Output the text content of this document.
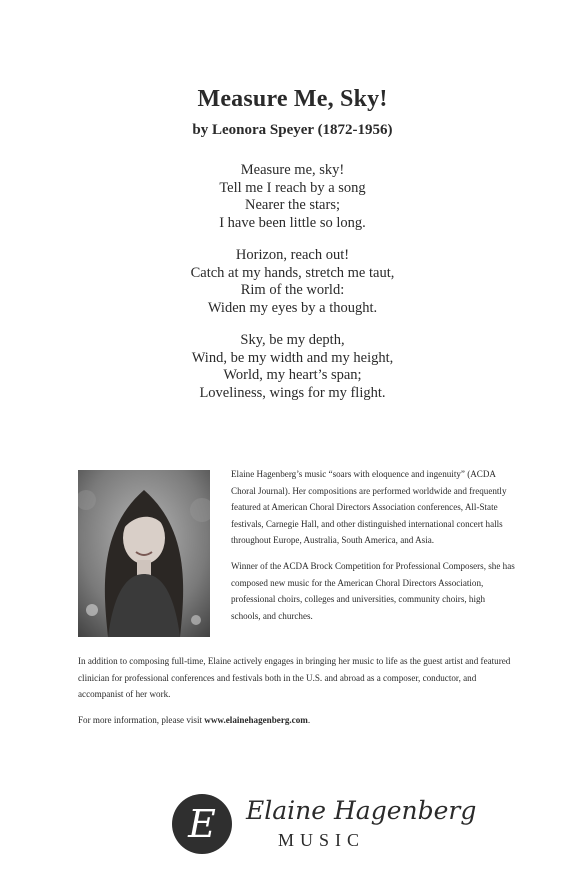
Measure Me, Sky!
by Leonora Speyer (1872-1956)
Measure me, sky!
Tell me I reach by a song
Nearer the stars;
I have been little so long.
Horizon, reach out!
Catch at my hands, stretch me taut,
Rim of the world:
Widen my eyes by a thought.
Sky, be my depth,
Wind, be my width and my height,
World, my heart’s span;
Loveliness, wings for my flight.

Elaine Hagenberg’s music “soars with eloquence and ingenuity” (ACDA Choral Journal). Her compositions are performed worldwide and frequently featured at American Choral Directors Association conferences, All-State festivals, Carnegie Hall, and other distinguished international concert halls throughout Europe, Australia, South America, and Asia.

Winner of the ACDA Brock Competition for Professional Composers, she has composed new music for the American Choral Directors Association, professional choirs, colleges and universities, community choirs, high schools, and churches.

In addition to composing full-time, Elaine actively engages in bringing her music to life as the guest artist and featured clinician for professional conferences and festivals both in the U.S. and abroad as a composer, conductor, and accompanist of her work.

For more information, please visit www.elainehagenberg.com.

E Elaine Hagenberg
MUSIC
